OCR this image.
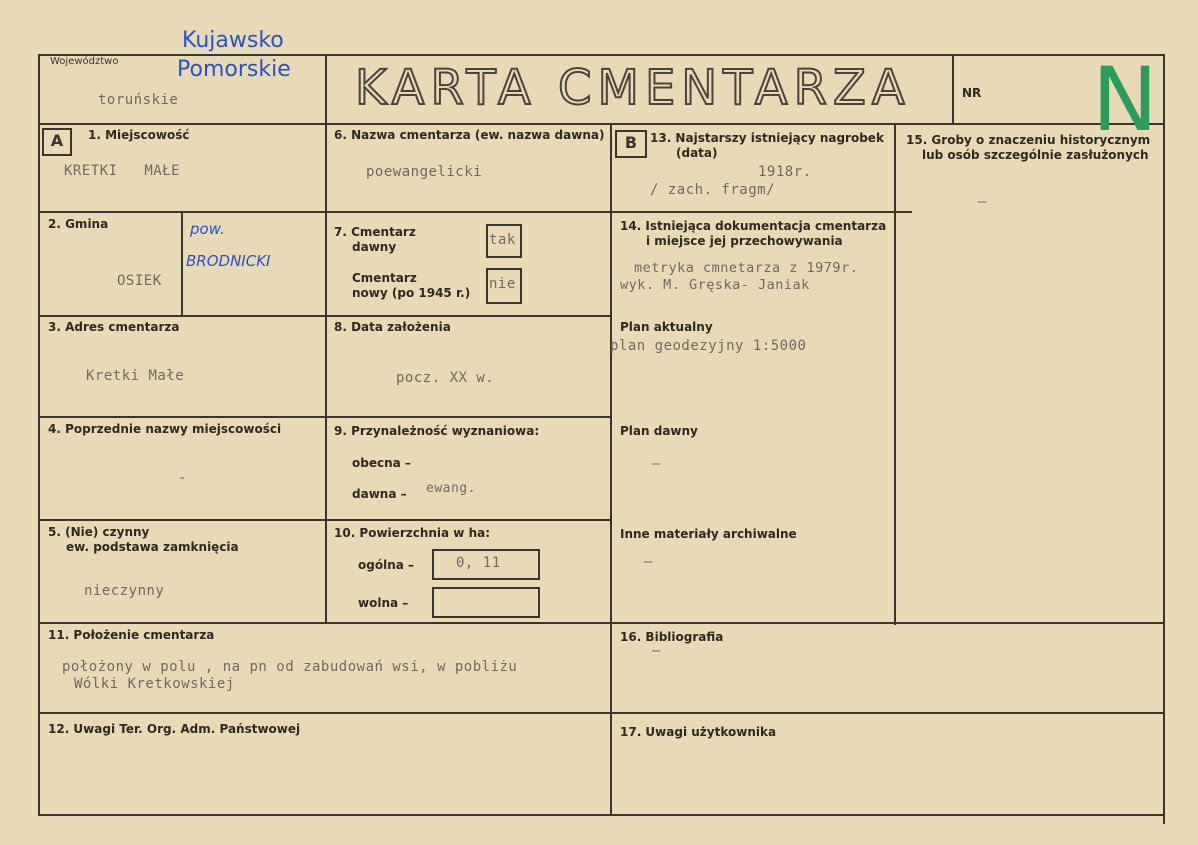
Województwo
Kujawsko
Pomorskie
toruńskie	KARTA CMENTARZA	NR N
A	1. Miejscowość
KRETKI   MAŁE
2. Gmina
OSIEK
pow.
BRODNICKI
3. Adres cmentarza
Kretki Małe
4. Poprzednie nazwy miejscowości
-
5. (Nie) czynny
ew. podstawa zamknięcia
nieczynny
6. Nazwa cmentarza (ew. nazwa dawna)
poewangelicki
7. Cmentarz
dawny	tak
Cmentarz
nowy (po 1945 r.)
nie
8. Data założenia
pocz. XX w.
9. Przynależność wyznaniowa:
obecna –
dawna – ewang.
10. Powierzchnia w ha:
ogólna –	0, 11
wolna –
B	13. Najstarszy istniejący nagrobek
(data)
1918r.
/ zach. fragm/
14. Istniejąca dokumentacja cmentarza
i miejsce jej przechowywania
metryka cmnetarza z 1979r.
wyk. M. Gręska- Janiak
Plan aktualny
plan geodezyjny 1:5000
Plan dawny
–
Inne materiały archiwalne
–
15. Groby o znaczeniu historycznym
lub osób szczególnie zasłużonych
–
11. Położenie cmentarza
położony w polu , na pn od zabudowań wsi, w pobliżu
Wólki Kretkowskiej
16. Bibliografia
–
12. Uwagi Ter. Org. Adm. Państwowej	17. Uwagi użytkownika
